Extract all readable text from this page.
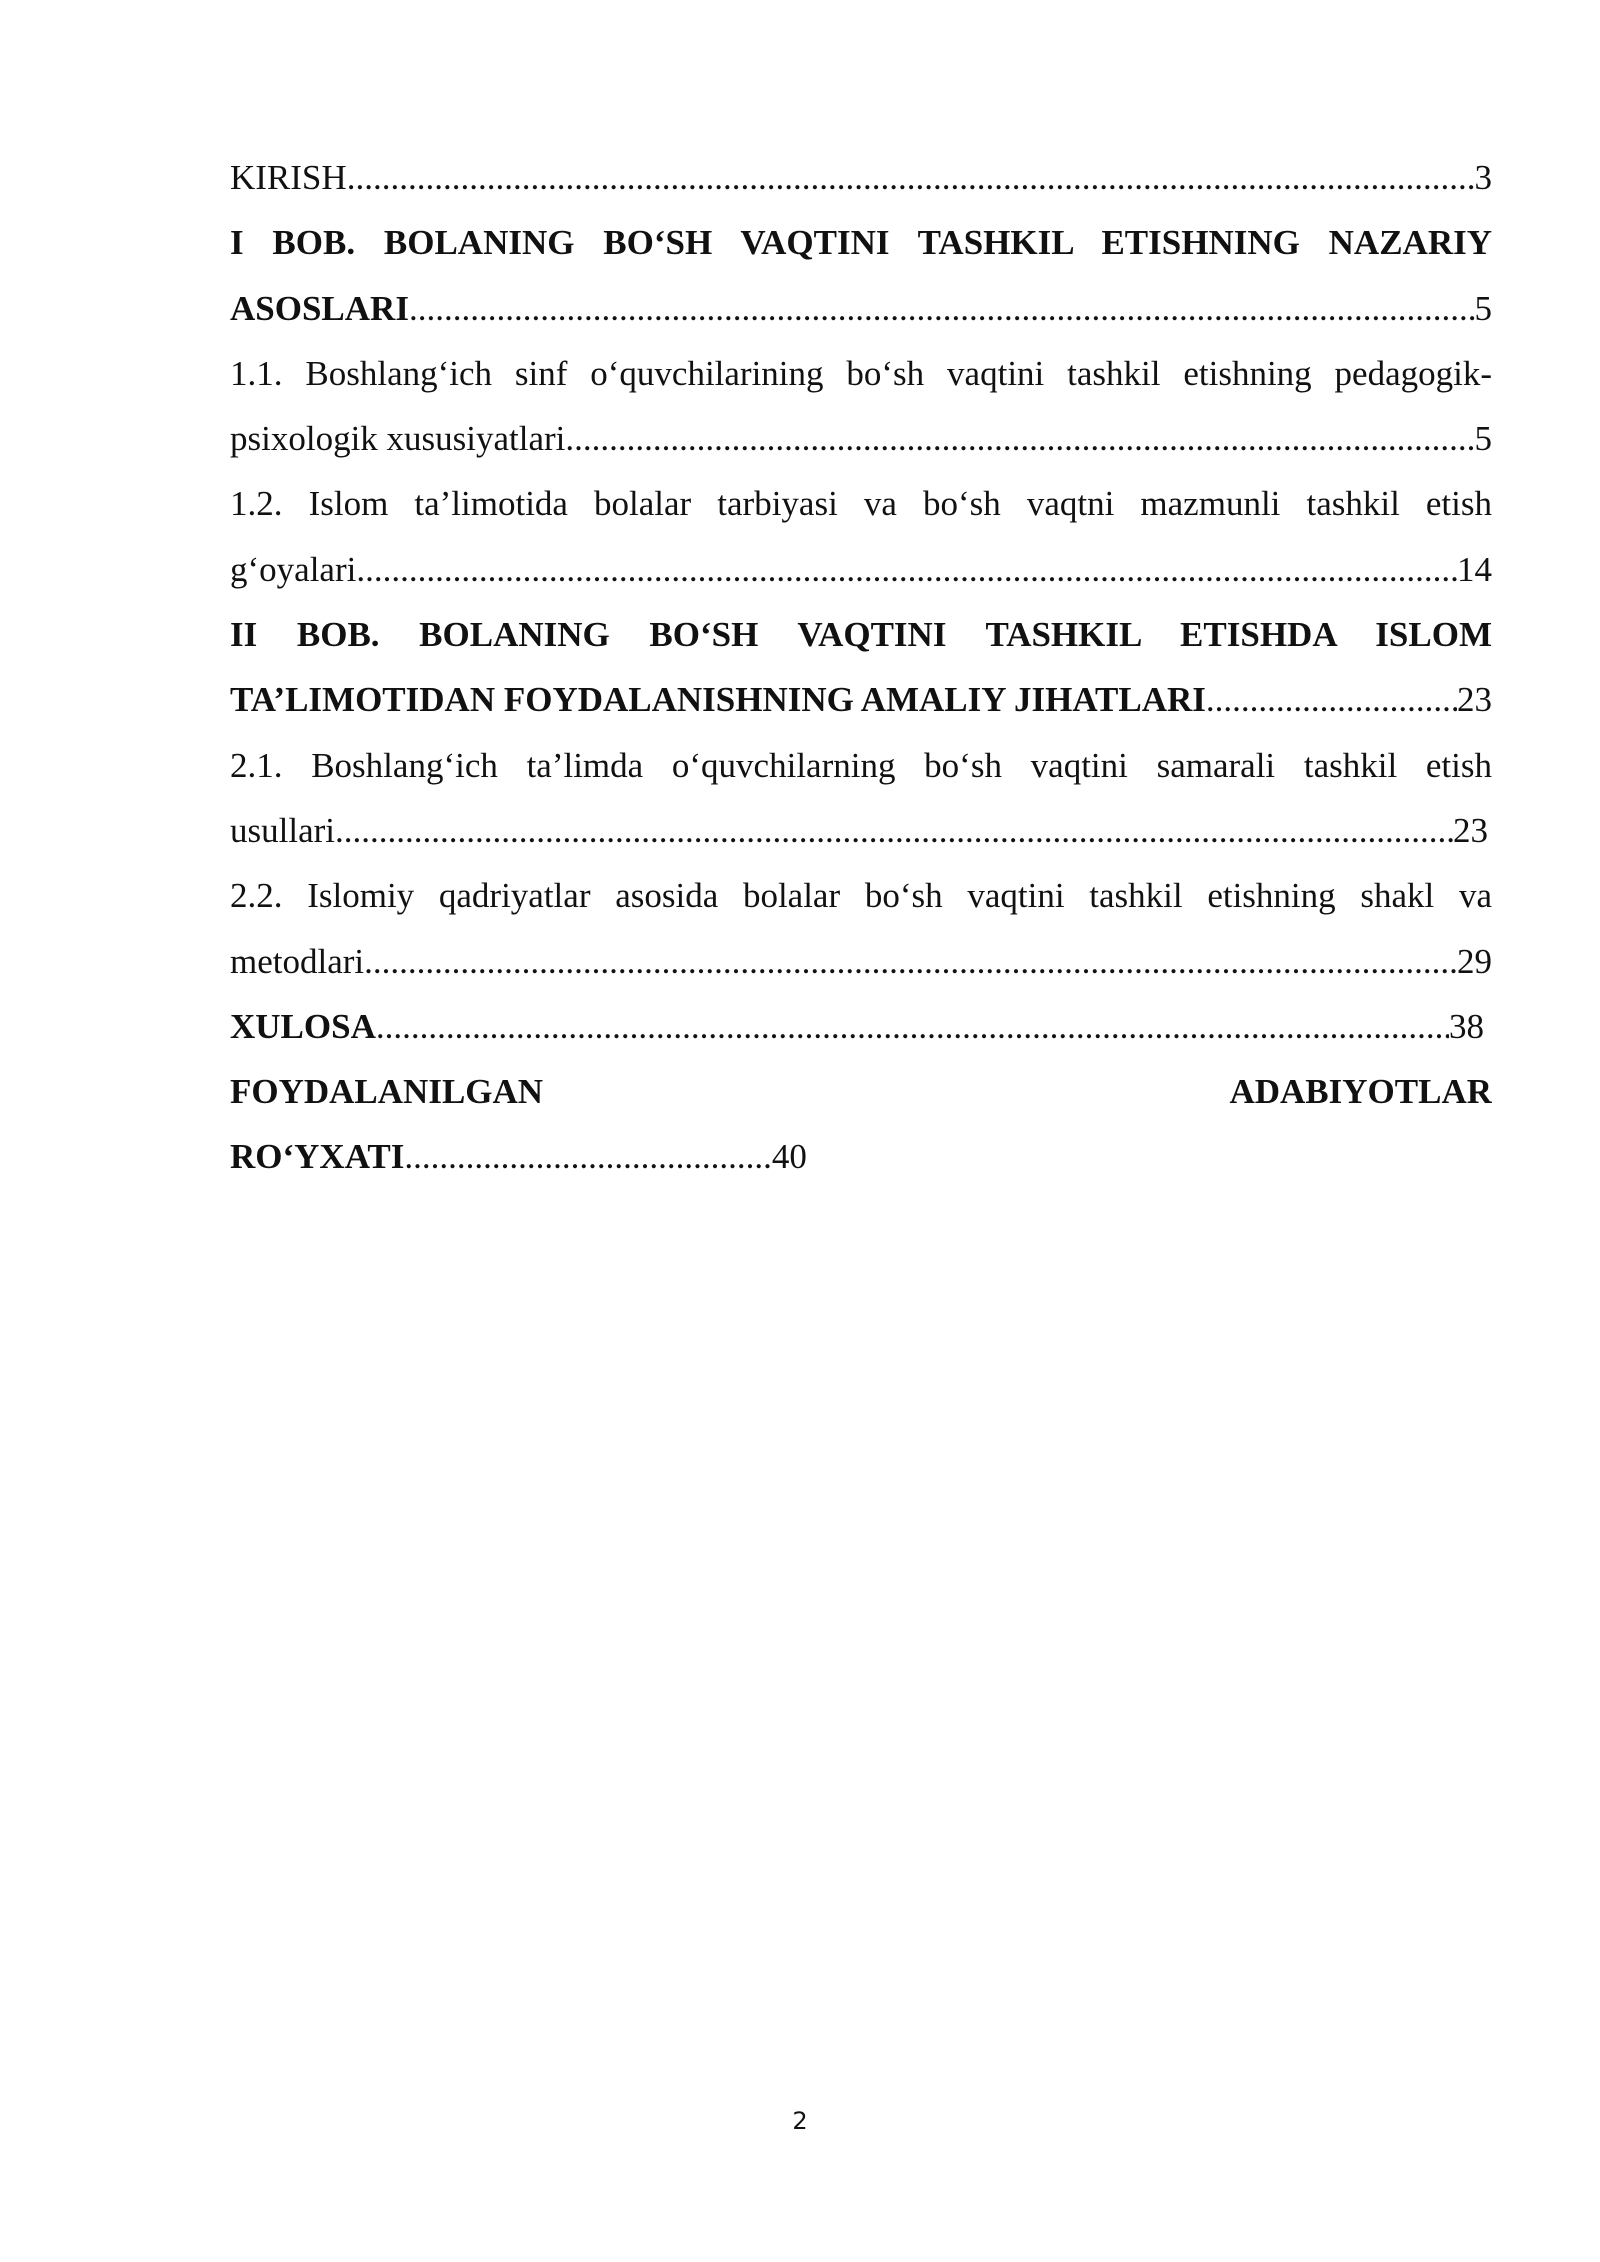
KIRISH .....	3
I BOB. BOLANING BO‘SH VAQTINI TASHKIL ETISHNING NAZARIY
ASOSLARI .....	5
1.1. Boshlang‘ich sinf o‘quvchilarining bo‘sh vaqtini tashkil etishning pedagogik-
psixologik xususiyatlari .....	5
1.2. Islom ta’limotida bolalar tarbiyasi va bo‘sh vaqtni mazmunli tashkil etish
g‘oyalari .....	14
II BOB. BOLANING BO‘SH VAQTINI TASHKIL ETISHDA ISLOM
TA’LIMOTIDAN FOYDALANISHNING AMALIY JIHATLARI .....	23
2.1. Boshlang‘ich ta’limda o‘quvchilarning bo‘sh vaqtini samarali tashkil etish
usullari .....	23
2.2. Islomiy qadriyatlar asosida bolalar bo‘sh vaqtini tashkil etishning shakl va
metodlari .....	29
XULOSA .....	38
FOYDALANILGAN ADABIYOTLAR
RO‘YXATI .......................................... 40
2
